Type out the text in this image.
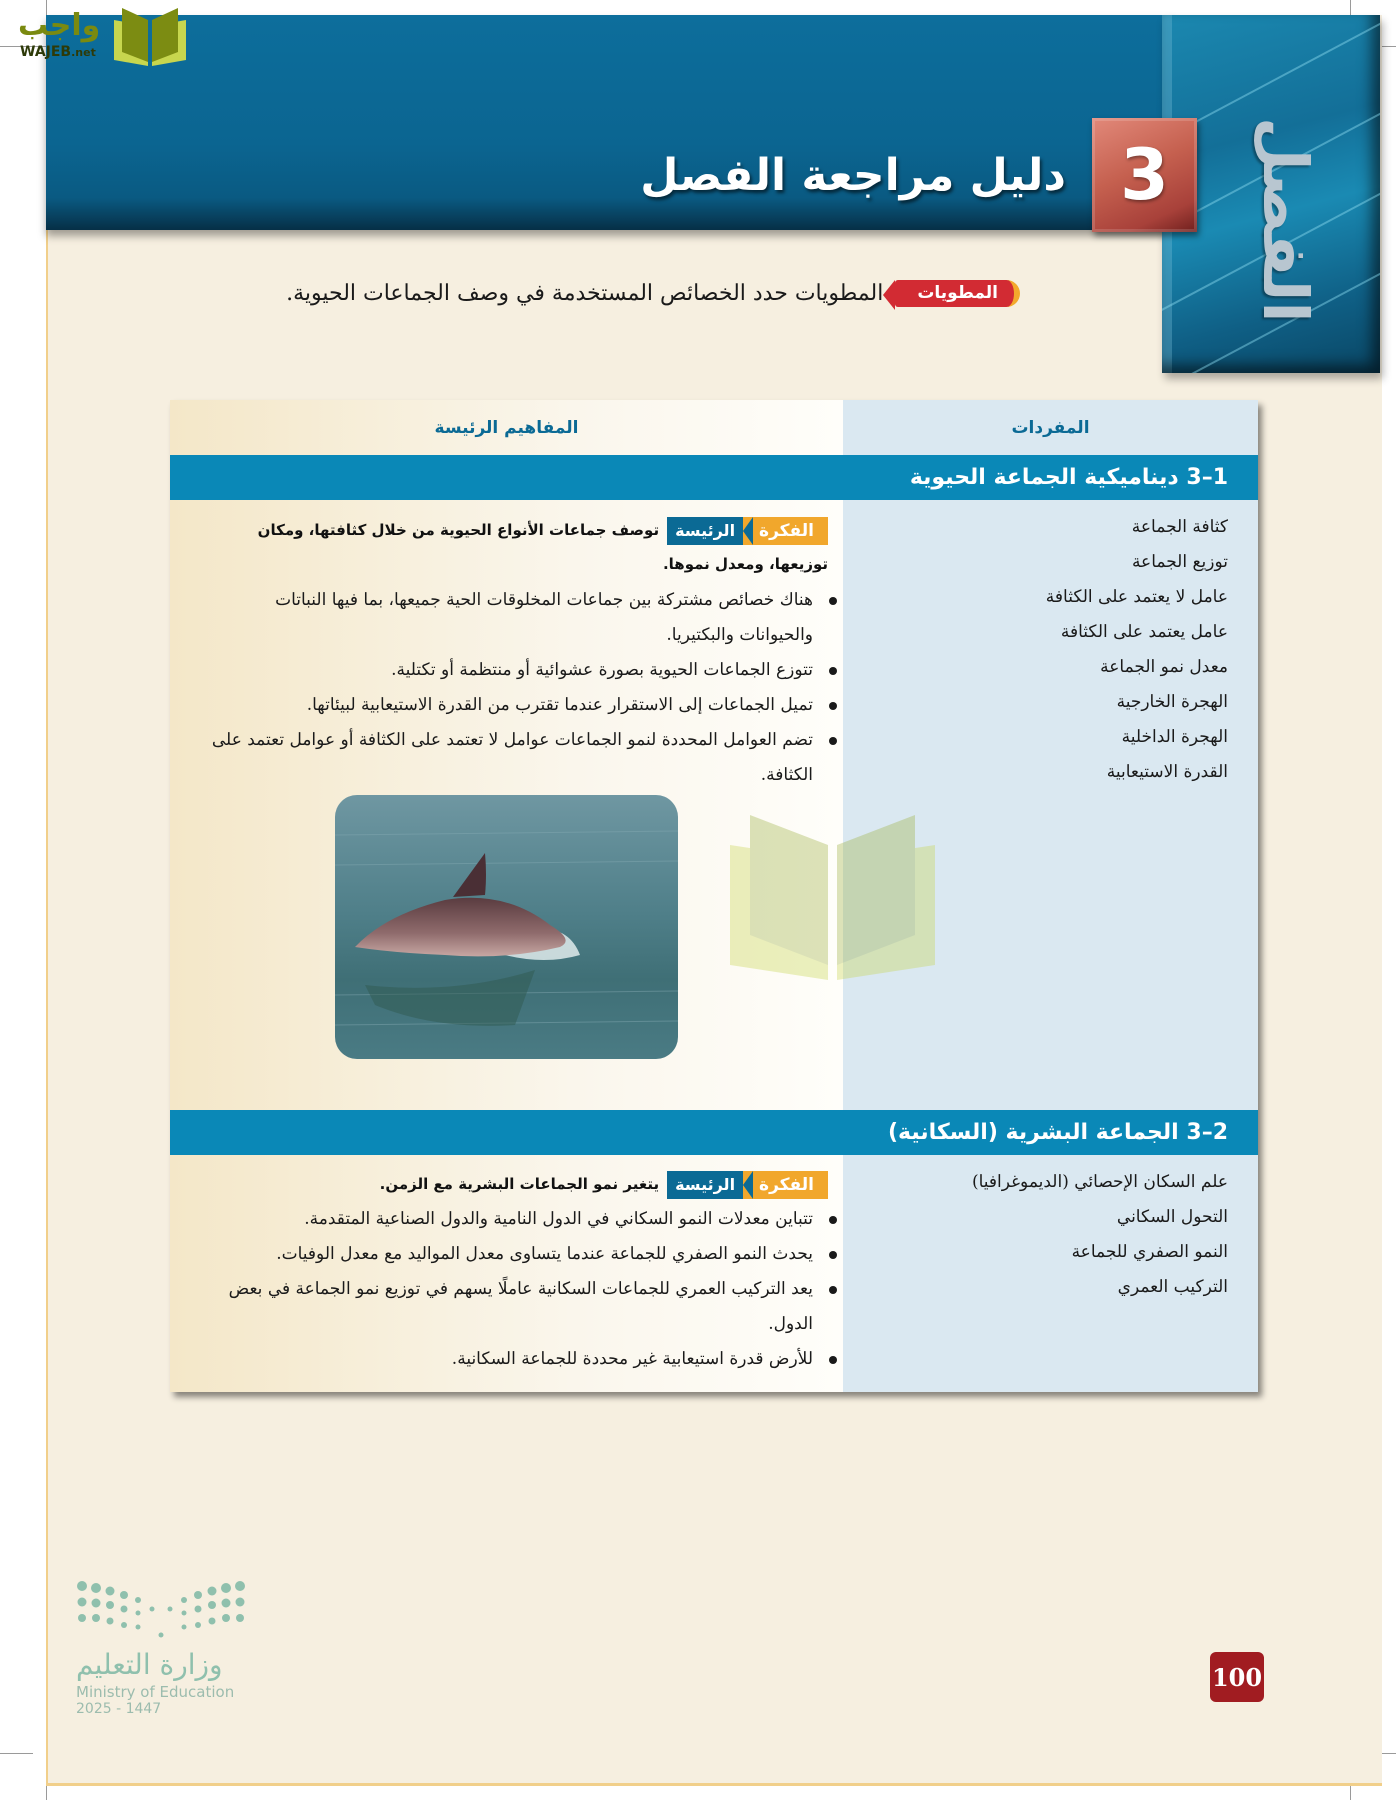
الفصل
دليل مراجعة الفصل 3
واجب
WAJEB.net
المطويات
المطويات حدد الخصائص المستخدمة في وصف الجماعات الحيوية.
المفاهيم الرئيسة	المفردات
1–3 ديناميكية الجماعة الحيوية
الفكرةالرئيسةتوصف جماعات الأنواع الحيوية من خلال كثافتها، ومكان توزيعها، ومعدل نموها.
هناك خصائص مشتركة بين جماعات المخلوقات الحية جميعها، بما فيها النباتات والحيوانات والبكتيريا.
تتوزع الجماعات الحيوية بصورة عشوائية أو منتظمة أو تكتلية.
تميل الجماعات إلى الاستقرار عندما تقترب من القدرة الاستيعابية لبيئاتها.
تضم العوامل المحددة لنمو الجماعات عوامل لا تعتمد على الكثافة أو عوامل تعتمد على الكثافة.
كثافة الجماعة
توزيع الجماعة
عامل لا يعتمد على الكثافة
عامل يعتمد على الكثافة
معدل نمو الجماعة
الهجرة الخارجية
الهجرة الداخلية
القدرة الاستيعابية
2–3 الجماعة البشرية (السكانية)
الفكرةالرئيسةيتغير نمو الجماعات البشرية مع الزمن.
تتباين معدلات النمو السكاني في الدول النامية والدول الصناعية المتقدمة.
يحدث النمو الصفري للجماعة عندما يتساوى معدل المواليد مع معدل الوفيات.
يعد التركيب العمري للجماعات السكانية عاملًا يسهم في توزيع نمو الجماعة في بعض الدول.
للأرض قدرة استيعابية غير محددة للجماعة السكانية.
علم السكان الإحصائي (الديموغرافيا)
التحول السكاني
النمو الصفري للجماعة
التركيب العمري
وزارة التعليم
Ministry of Education
2025 - 1447
100
